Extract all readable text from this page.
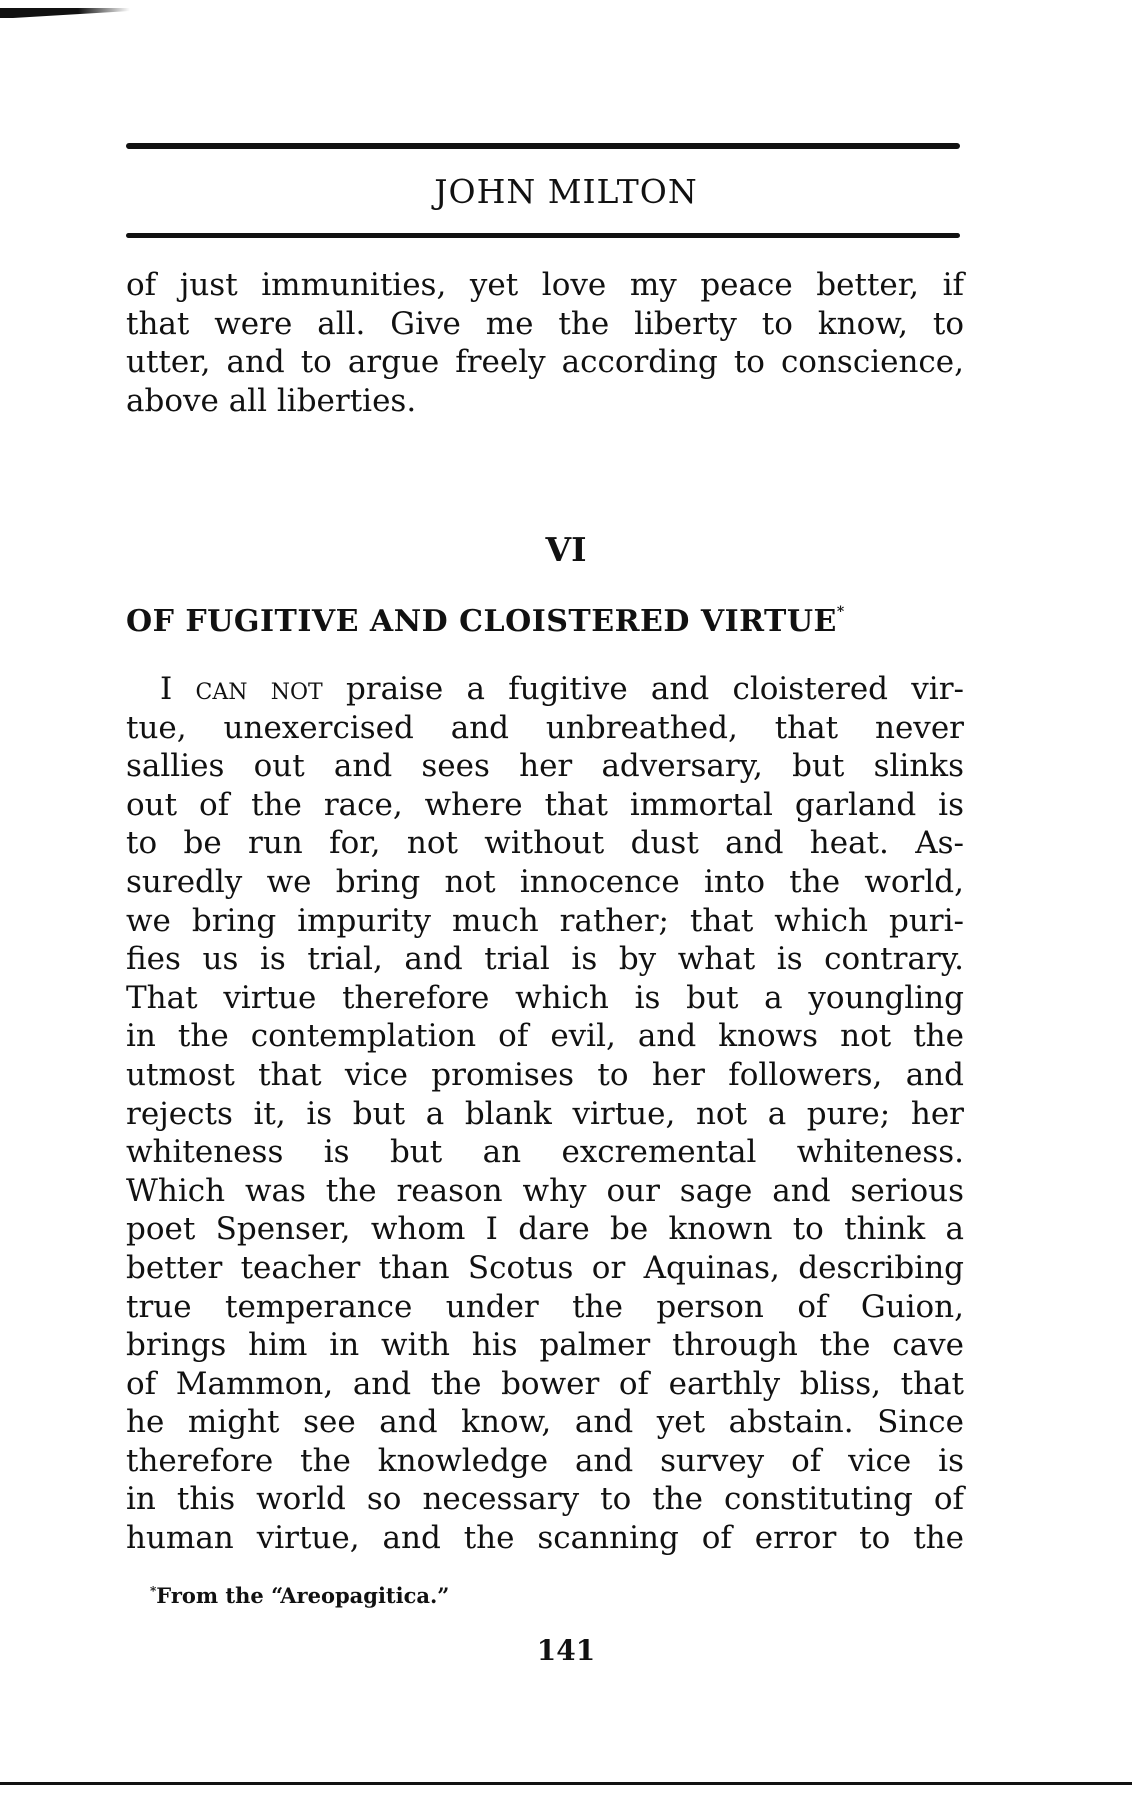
JOHN MILTON
of just immunities, yet love my peace better, if
that were all. Give me the liberty to know, to
utter, and to argue freely according to conscience,
above all liberties.
VI
OF FUGITIVE AND CLOISTERED VIRTUE*
I can not praise a fugitive and cloistered vir-
tue, unexercised and unbreathed, that never
sallies out and sees her adversary, but slinks
out of the race, where that immortal garland is
to be run for, not without dust and heat. As-
suredly we bring not innocence into the world,
we bring impurity much rather; that which puri-
fies us is trial, and trial is by what is contrary.
That virtue therefore which is but a youngling
in the contemplation of evil, and knows not the
utmost that vice promises to her followers, and
rejects it, is but a blank virtue, not a pure; her
whiteness is but an excremental whiteness.
Which was the reason why our sage and serious
poet Spenser, whom I dare be known to think a
better teacher than Scotus or Aquinas, describing
true temperance under the person of Guion,
brings him in with his palmer through the cave
of Mammon, and the bower of earthly bliss, that
he might see and know, and yet abstain. Since
therefore the knowledge and survey of vice is
in this world so necessary to the constituting of
human virtue, and the scanning of error to the
*From the “Areopagitica.”
141
